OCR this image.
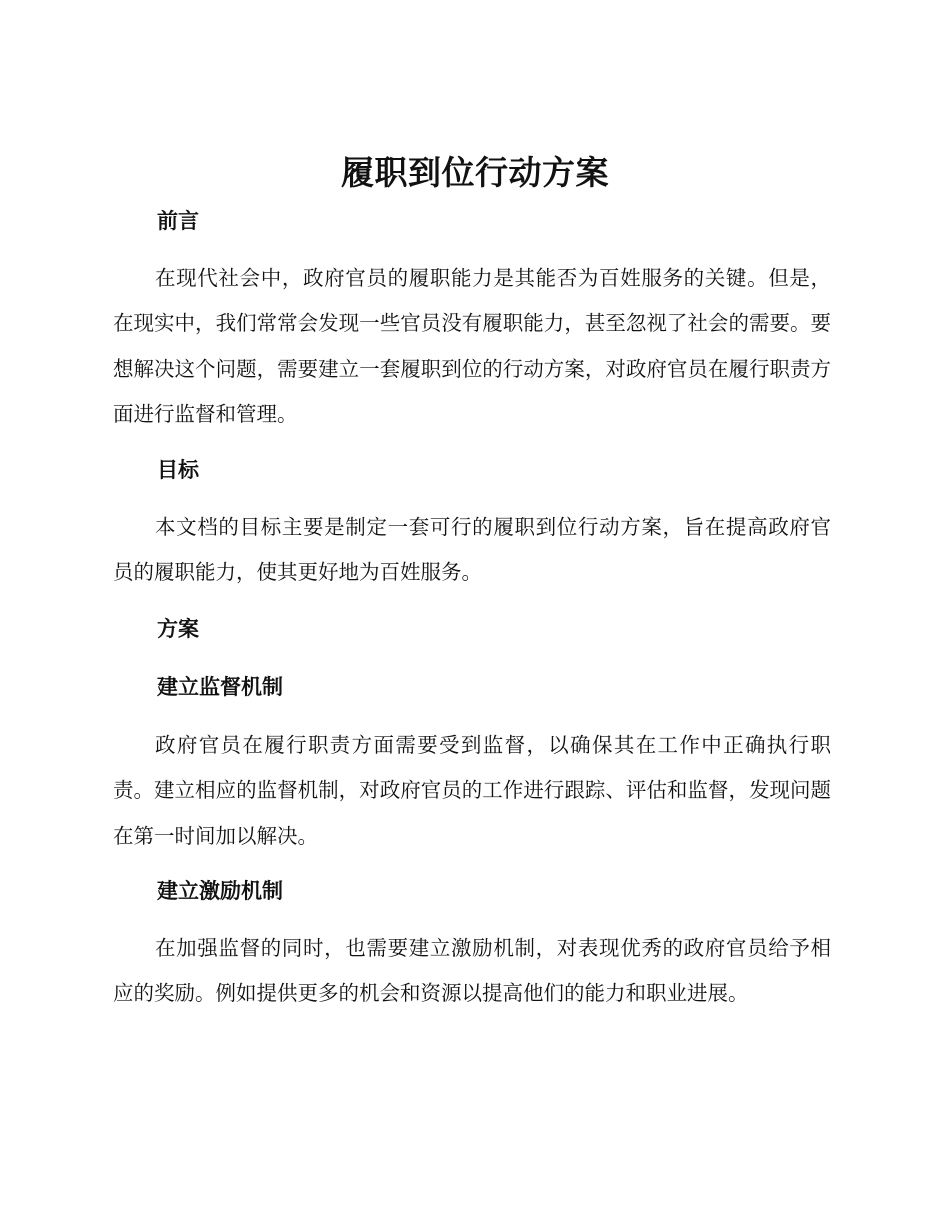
履职到位行动方案
前言

在现代社会中，政府官员的履职能力是其能否为百姓服务的关键。但是，在现实中，我们常常会发现一些官员没有履职能力，甚至忽视了社会的需要。要想解决这个问题，需要建立一套履职到位的行动方案，对政府官员在履行职责方面进行监督和管理。

目标

本文档的目标主要是制定一套可行的履职到位行动方案，旨在提高政府官员的履职能力，使其更好地为百姓服务。

方案
建立监督机制

政府官员在履行职责方面需要受到监督，以确保其在工作中正确执行职责。建立相应的监督机制，对政府官员的工作进行跟踪、评估和监督，发现问题在第一时间加以解决。

建立激励机制

在加强监督的同时，也需要建立激励机制，对表现优秀的政府官员给予相应的奖励。例如提供更多的机会和资源以提高他们的能力和职业进展。
